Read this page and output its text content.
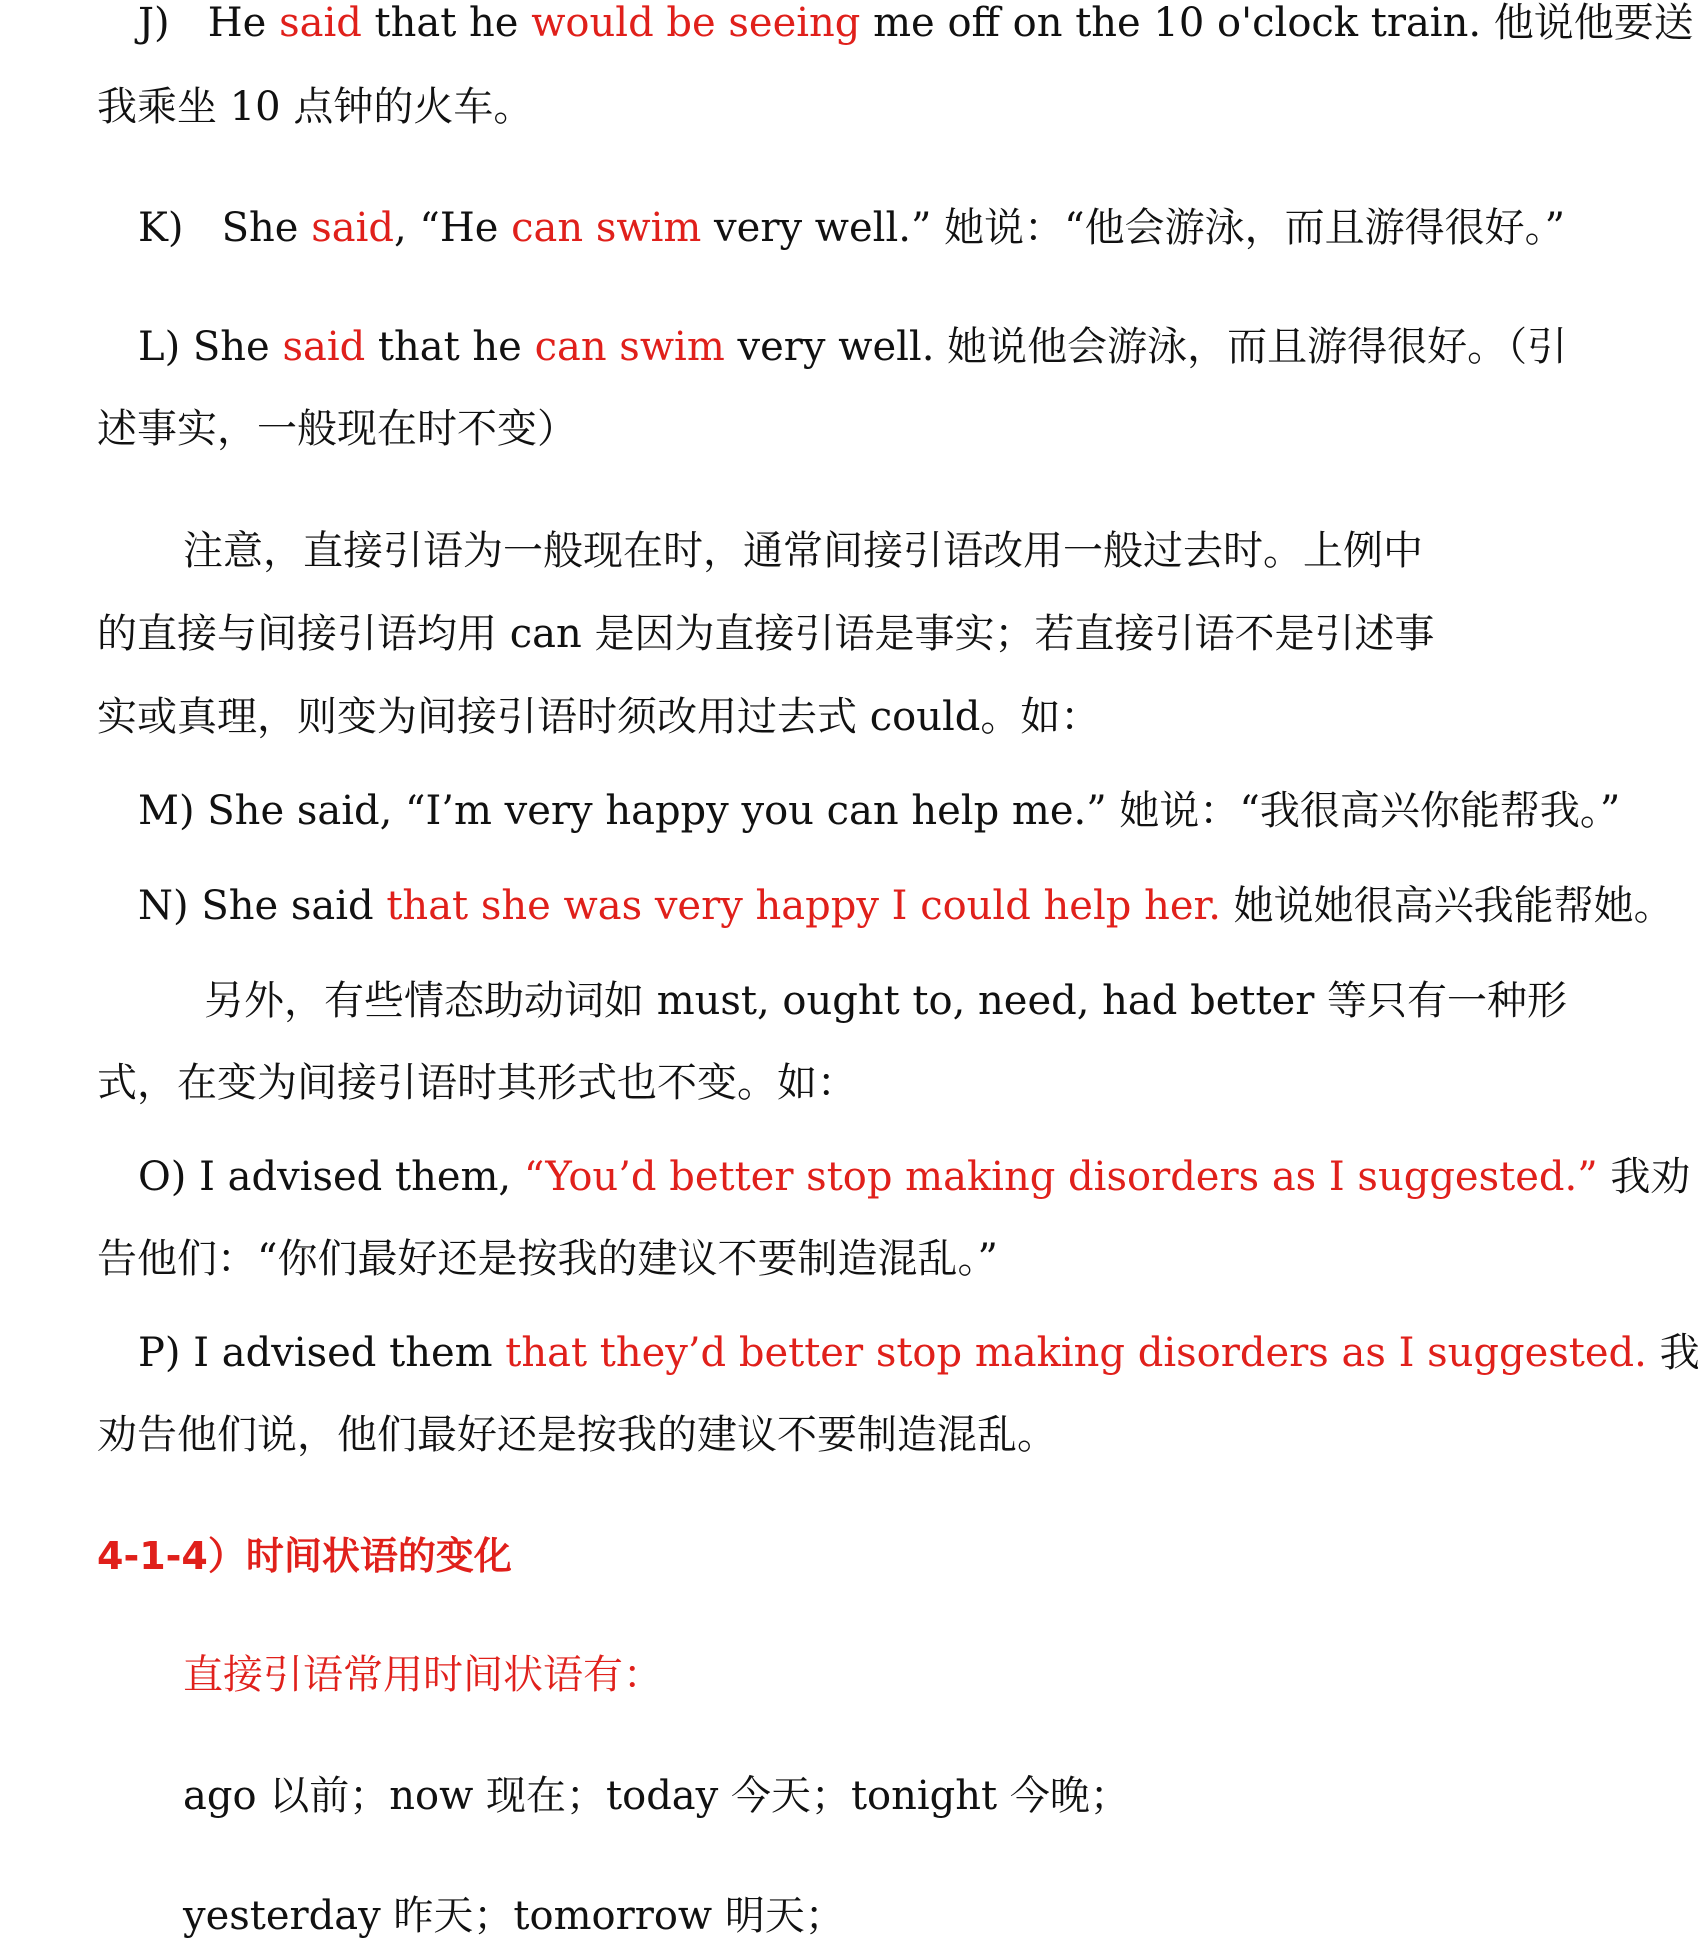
J)   He said that he would be seeing me off on the 10 o'clock train. 他说他要送
我乘坐 10 点钟的火车。
K)   She said, “He can swim very well.” 她说：“他会游泳，而且游得很好。”
L) She said that he can swim very well. 她说他会游泳，而且游得很好。（引
述事实，一般现在时不变）
注意，直接引语为一般现在时，通常间接引语改用一般过去时。上例中
的直接与间接引语均用 can 是因为直接引语是事实；若直接引语不是引述事
实或真理，则变为间接引语时须改用过去式 could。如：
M) She said, “I’m very happy you can help me.” 她说：“我很高兴你能帮我。”
N) She said that she was very happy I could help her. 她说她很高兴我能帮她。
另外，有些情态助动词如 must, ought to, need, had better 等只有一种形
式，在变为间接引语时其形式也不变。如：
O) I advised them, “You’d better stop making disorders as I suggested.” 我劝
告他们：“你们最好还是按我的建议不要制造混乱。”
P) I advised them that they’d better stop making disorders as I suggested. 我
劝告他们说，他们最好还是按我的建议不要制造混乱。
4-1-4）时间状语的变化
直接引语常用时间状语有：
ago 以前；now 现在；today 今天；tonight 今晚；
yesterday 昨天；tomorrow 明天；
